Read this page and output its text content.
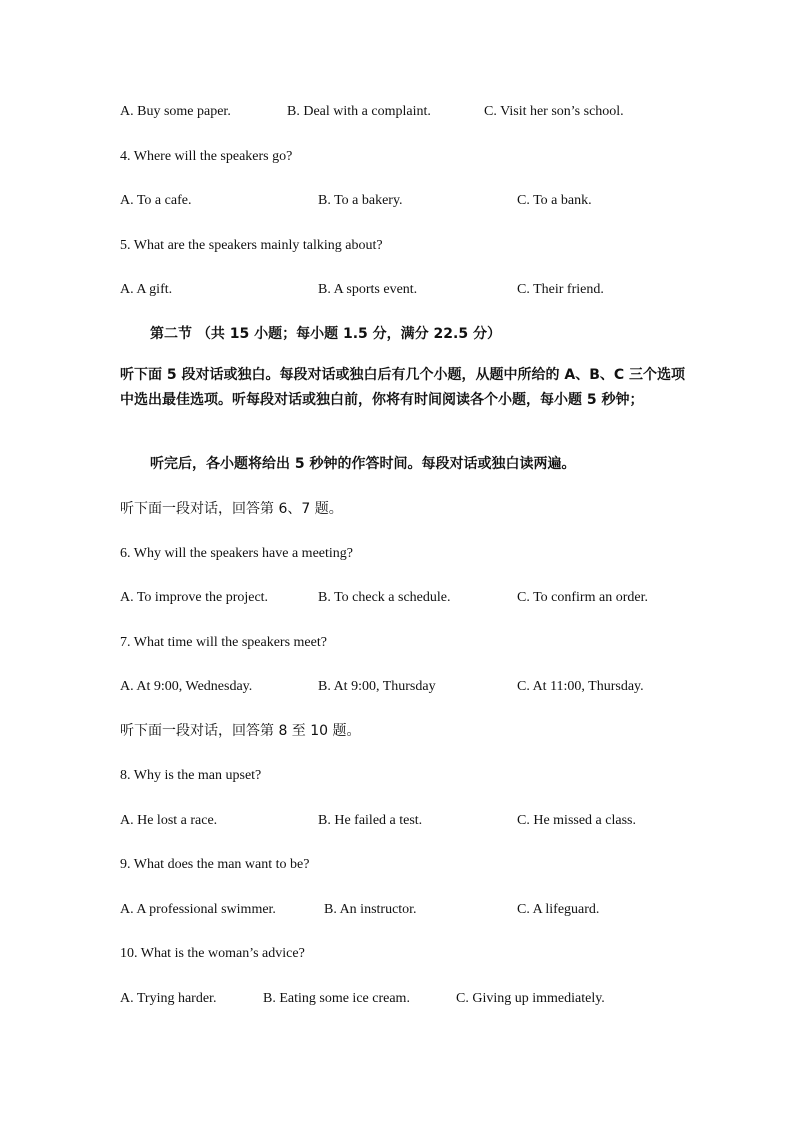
A. Buy some paper.	B. Deal with a complaint.	C. Visit her son’s school.
4. Where will the speakers go?
A. To a cafe.	B. To a bakery.	C. To a bank.
5. What are the speakers mainly talking about?
A. A gift.	B. A sports event.	C. Their friend.
第二节 （共 15 小题；每小题 1.5 分，满分 22.5 分）
听下面 5 段对话或独白。每段对话或独白后有几个小题，从题中所给的 A、B、C 三个选项中选出最佳选项。听每段对话或独白前，你将有时间阅读各个小题，每小题 5 秒钟；
听完后，各小题将给出 5 秒钟的作答时间。每段对话或独白读两遍。
听下面一段对话，回答第 6、7 题。
6. Why will the speakers have a meeting?
A. To improve the project.	B. To check a schedule.	C. To confirm an order.
7. What time will the speakers meet?
A. At 9:00, Wednesday.	B. At 9:00, Thursday	C. At 11:00, Thursday.
听下面一段对话，回答第 8 至 10 题。
8. Why is the man upset?
A. He lost a race.	B. He failed a test.	C. He missed a class.
9. What does the man want to be?
A. A professional swimmer.	B. An instructor.	C. A lifeguard.
10. What is the woman’s advice?
A. Trying harder.	B. Eating some ice cream.	C. Giving up immediately.
